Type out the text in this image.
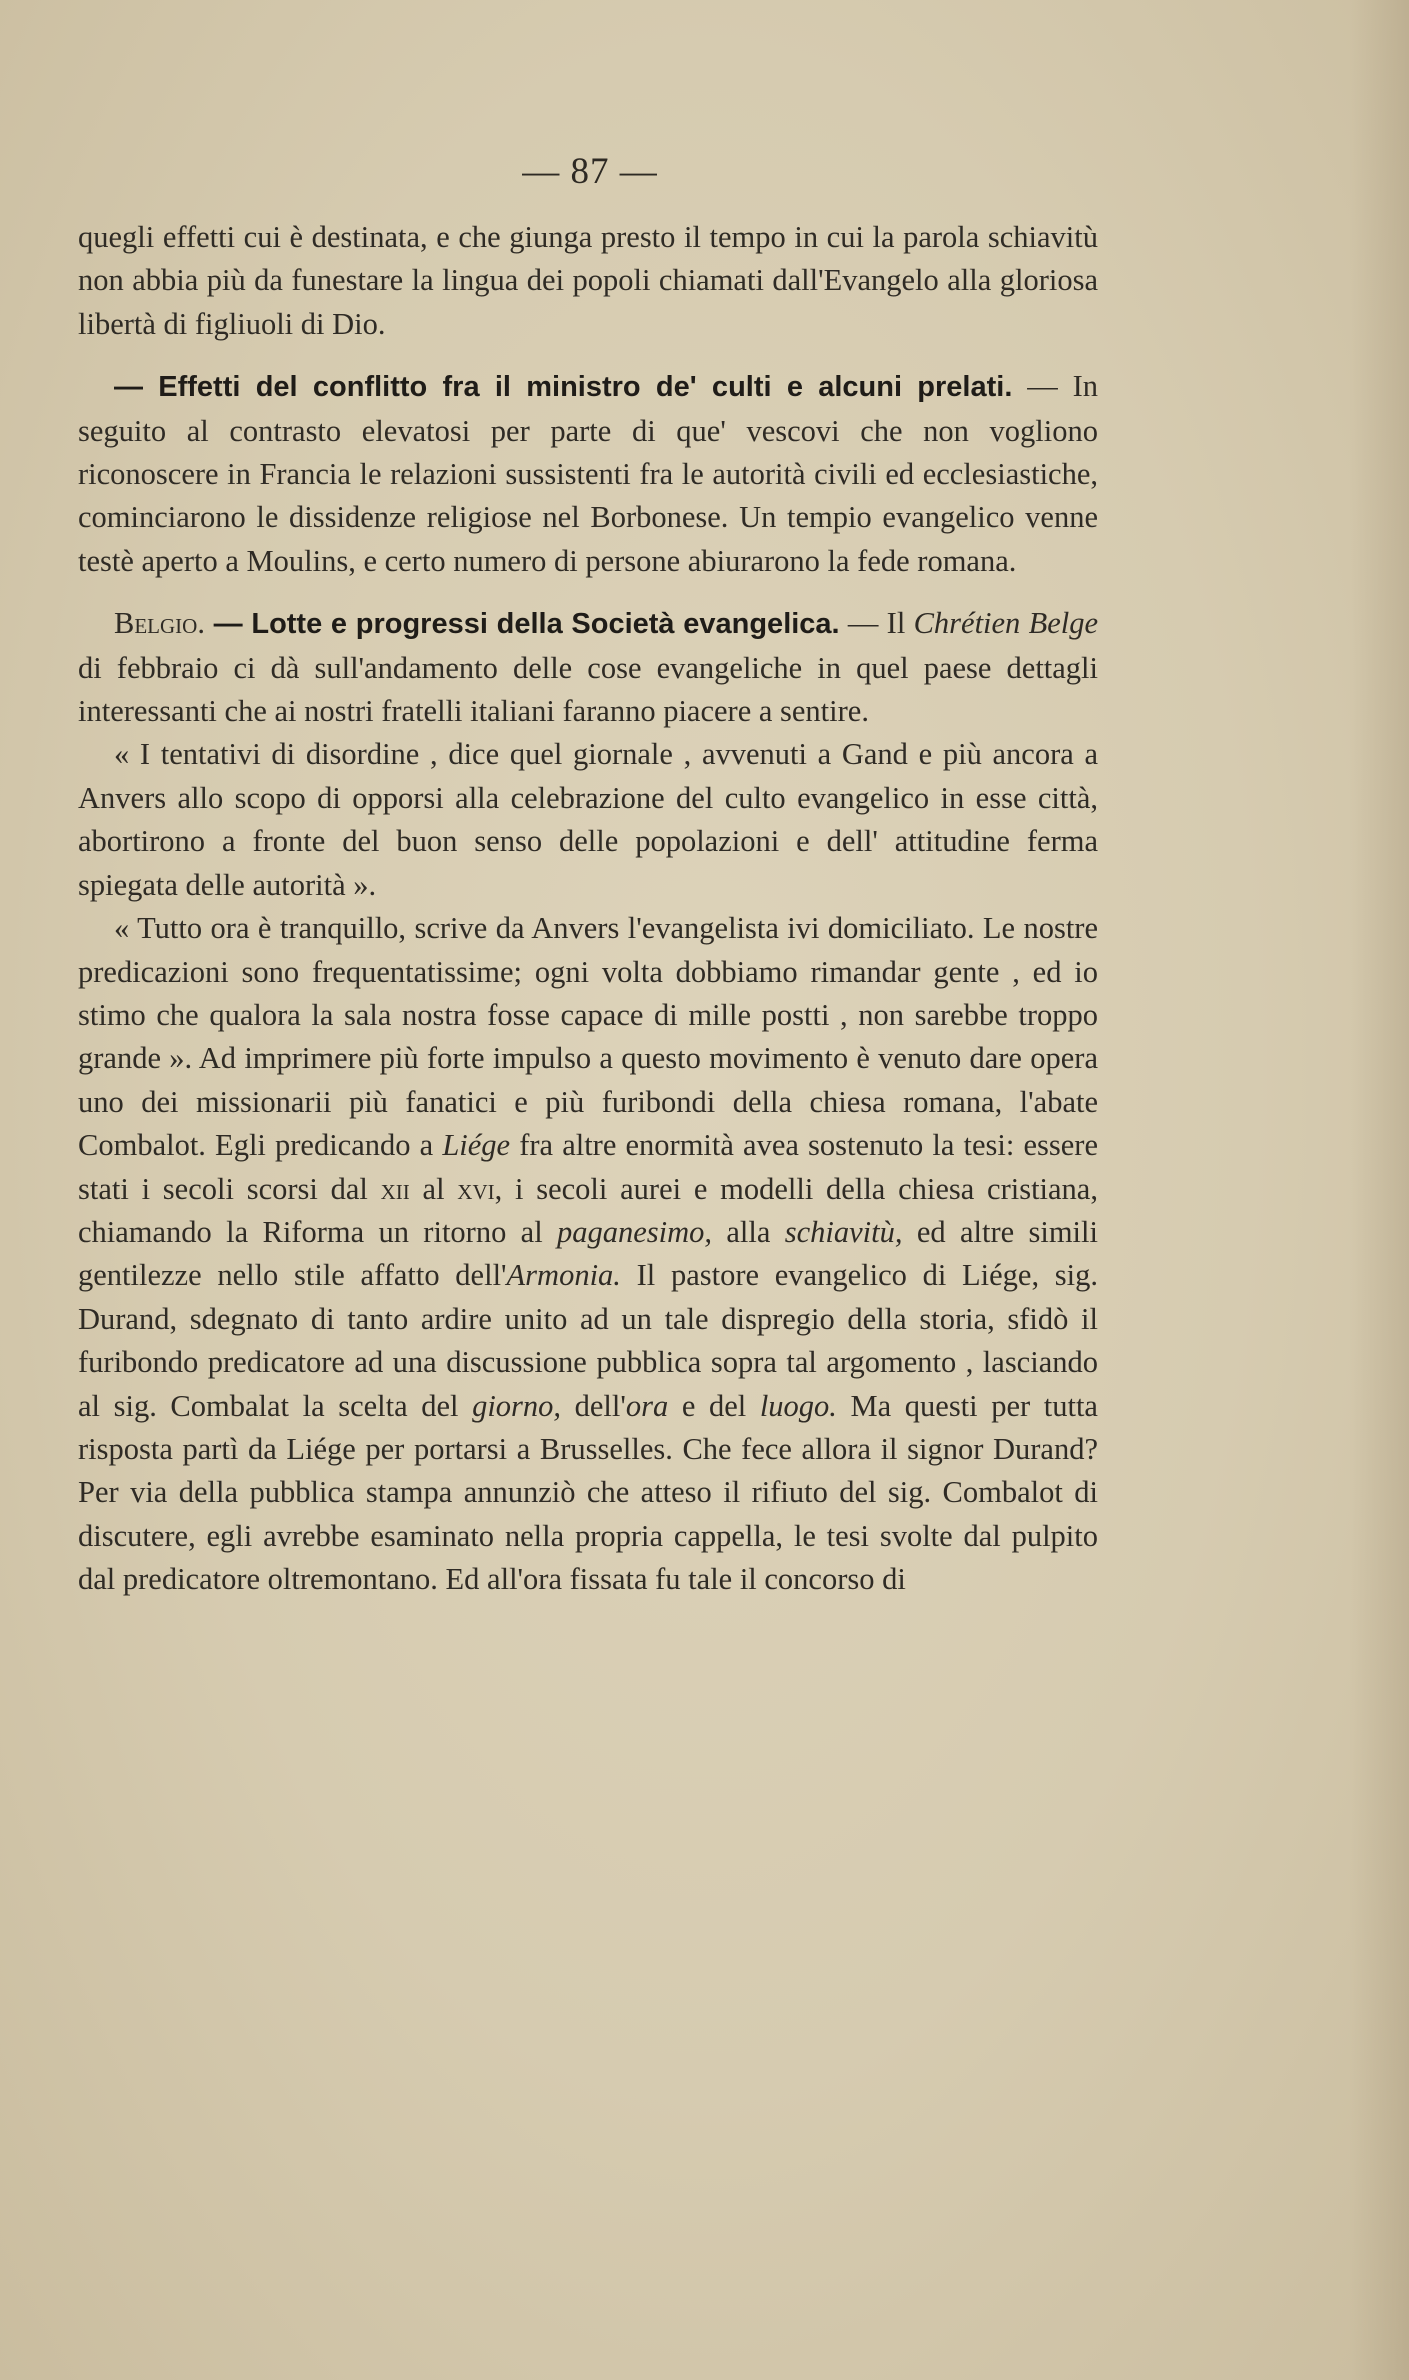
— 87 —

quegli effetti cui è destinata, e che giunga presto il tempo in cui la parola schiavitù non abbia più da funestare la lingua dei popoli chiamati dall'Evangelo alla gloriosa libertà di figliuoli di Dio.

— Effetti del conflitto fra il ministro de' culti e alcuni prelati. — In seguito al contrasto elevatosi per parte di que' vescovi che non vogliono riconoscere in Francia le relazioni sussistenti fra le autorità civili ed ecclesiastiche, cominciarono le dissidenze religiose nel Borbonese. Un tempio evangelico venne testè aperto a Moulins, e certo numero di persone abiurarono la fede romana.

Belgio. — Lotte e progressi della Società evangelica. — Il Chrétien Belge di febbraio ci dà sull'andamento delle cose evangeliche in quel paese dettagli interessanti che ai nostri fratelli italiani faranno piacere a sentire.

« I tentativi di disordine , dice quel giornale , avvenuti a Gand e più ancora a Anvers allo scopo di opporsi alla celebrazione del culto evangelico in esse città, abortirono a fronte del buon senso delle popolazioni e dell' attitudine ferma spiegata delle autorità ».

« Tutto ora è tranquillo, scrive da Anvers l'evangelista ivi domiciliato. Le nostre predicazioni sono frequentatissime; ogni volta dobbiamo rimandar gente , ed io stimo che qualora la sala nostra fosse capace di mille postti , non sarebbe troppo grande ». Ad imprimere più forte impulso a questo movimento è venuto dare opera uno dei missionarii più fanatici e più furibondi della chiesa romana, l'abate Combalot. Egli predicando a Liége fra altre enormità avea sostenuto la tesi: essere stati i secoli scorsi dal xii al xvi, i secoli aurei e modelli della chiesa cristiana, chiamando la Riforma un ritorno al paganesimo, alla schiavitù, ed altre simili gentilezze nello stile affatto dell'Armonia. Il pastore evangelico di Liége, sig. Durand, sdegnato di tanto ardire unito ad un tale dispregio della storia, sfidò il furibondo predicatore ad una discussione pubblica sopra tal argomento , lasciando al sig. Combalat la scelta del giorno, dell'ora e del luogo. Ma questi per tutta risposta partì da Liége per portarsi a Brusselles. Che fece allora il signor Durand? Per via della pubblica stampa annunziò che atteso il rifiuto del sig. Combalot di discutere, egli avrebbe esaminato nella propria cappella, le tesi svolte dal pulpito dal predicatore oltremontano. Ed all'ora fissata fu tale il concorso di
